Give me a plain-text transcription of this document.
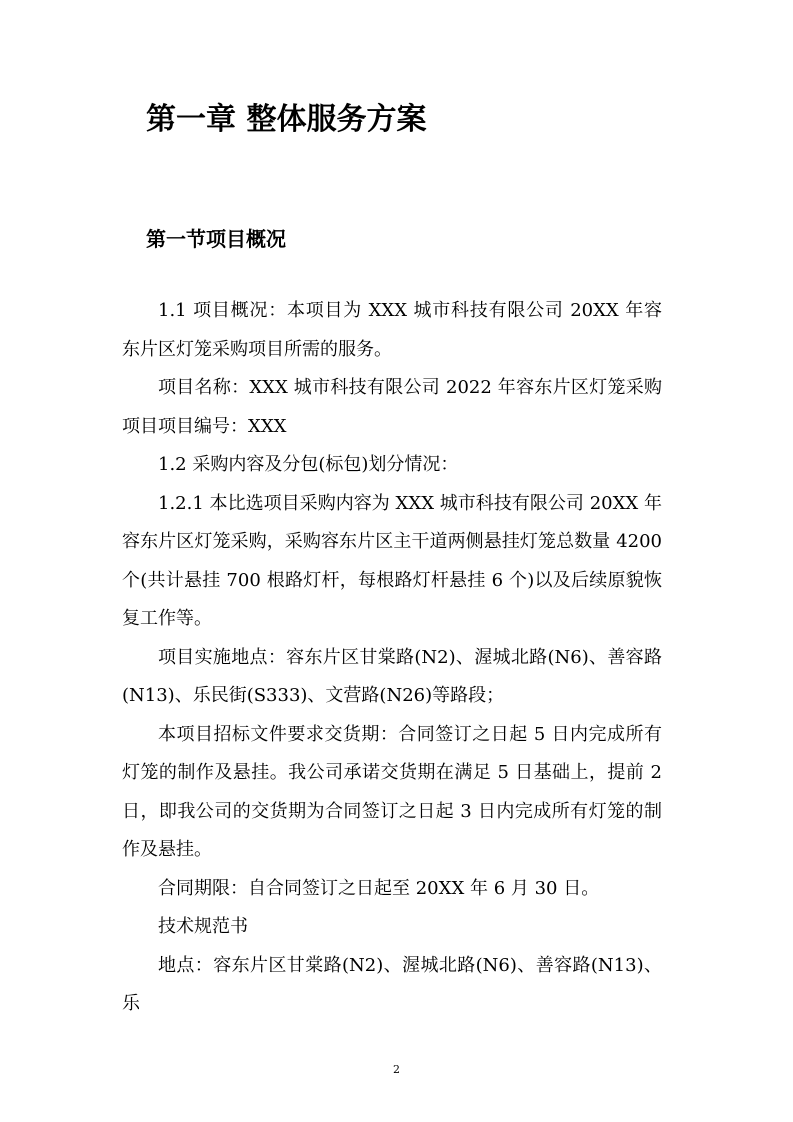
第一章 整体服务方案
第一节项目概况

1.1 项目概况：本项目为 XXX 城市科技有限公司 20XX 年容东片区灯笼采购项目所需的服务。

项目名称：XXX 城市科技有限公司 2022 年容东片区灯笼采购项目项目编号：XXX

1.2 采购内容及分包(标包)划分情况：

1.2.1 本比选项目采购内容为 XXX 城市科技有限公司 20XX 年容东片区灯笼采购，采购容东片区主干道两侧悬挂灯笼总数量 4200 个(共计悬挂 700 根路灯杆，每根路灯杆悬挂 6 个)以及后续原貌恢复工作等。

项目实施地点：容东片区甘棠路(N2)、渥城北路(N6)、善容路(N13)、乐民街(S333)、文营路(N26)等路段；

本项目招标文件要求交货期：合同签订之日起 5 日内完成所有灯笼的制作及悬挂。我公司承诺交货期在满足 5 日基础上，提前 2 日，即我公司的交货期为合同签订之日起 3 日内完成所有灯笼的制作及悬挂。

合同期限：自合同签订之日起至 20XX 年 6 月 30 日。

技术规范书

地点：容东片区甘棠路(N2)、渥城北路(N6)、善容路(N13)、乐

2
